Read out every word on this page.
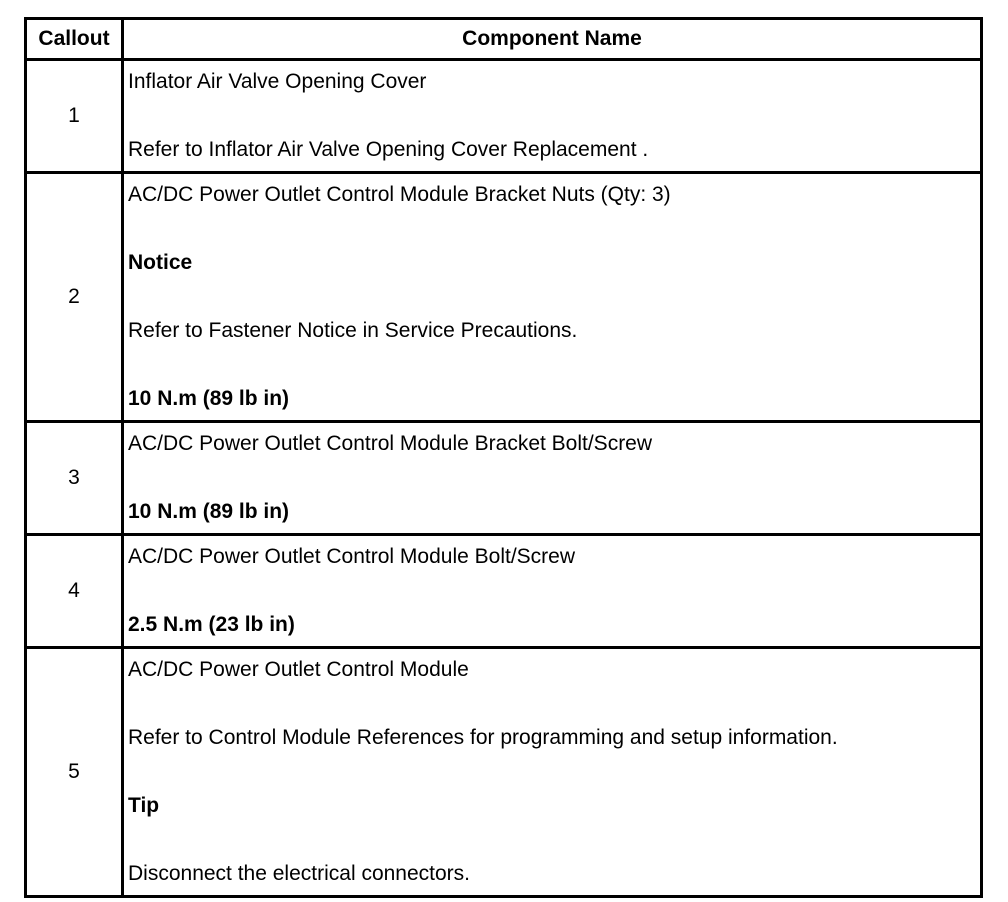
Callout	Component Name
1	Inflator Air Valve Opening Cover
Refer to Inflator Air Valve Opening Cover Replacement .

2	AC/DC Power Outlet Control Module Bracket Nuts (Qty: 3)
Notice
Refer to Fastener Notice in Service Precautions.
10 N.m (89 lb in)

3	AC/DC Power Outlet Control Module Bracket Bolt/Screw
10 N.m (89 lb in)

4	AC/DC Power Outlet Control Module Bolt/Screw
2.5 N.m (23 lb in)

5	AC/DC Power Outlet Control Module
Refer to Control Module References for programming and setup information.
Tip
Disconnect the electrical connectors.
